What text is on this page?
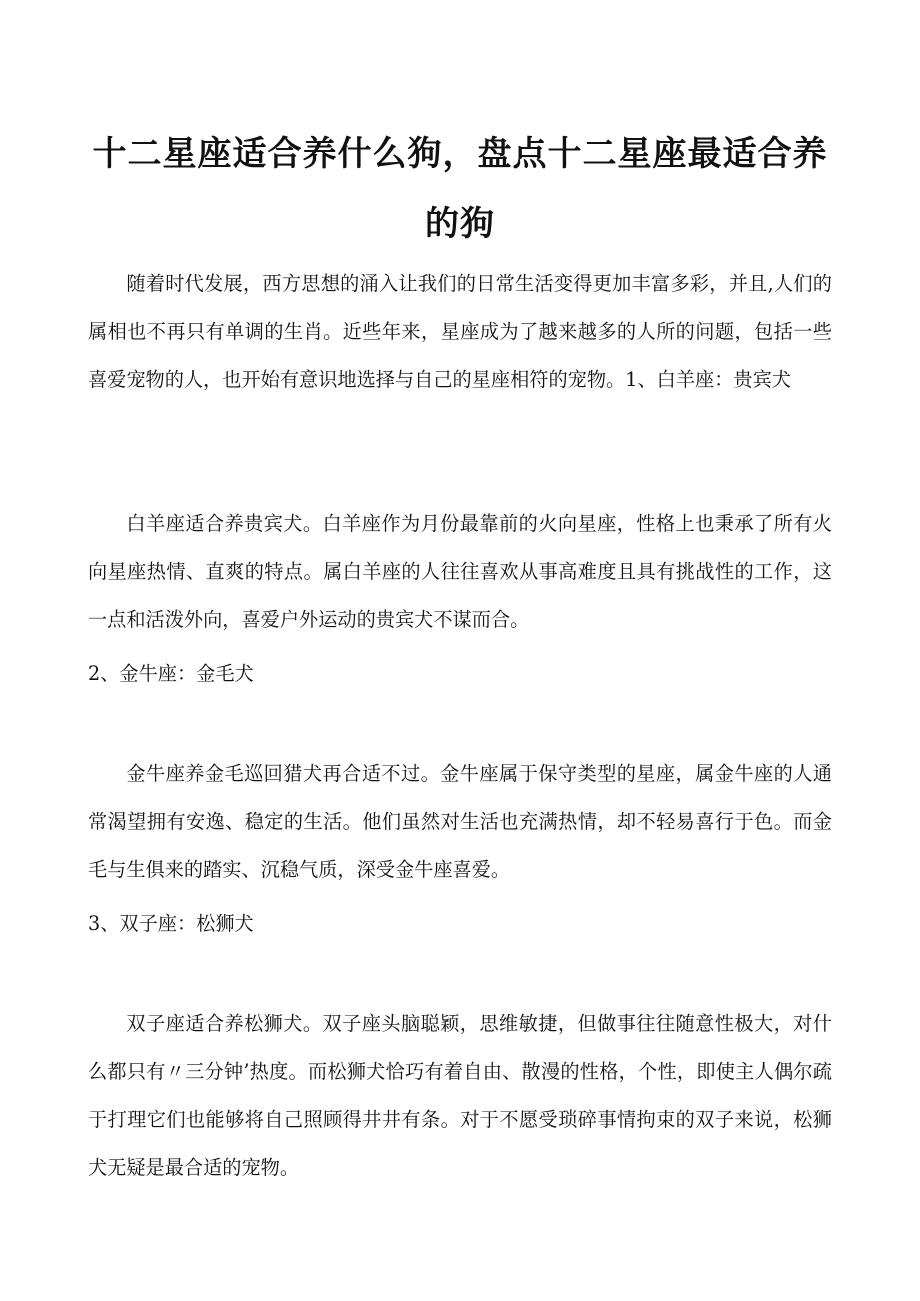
十二星座适合养什么狗，盘点十二星座最适合养
的狗

随着时代发展，西方思想的涌入让我们的日常生活变得更加丰富多彩，并且,人们的属相也不再只有单调的生肖。近些年来，星座成为了越来越多的人所的问题，包括一些喜爱宠物的人，也开始有意识地选择与自己的星座相符的宠物。1、白羊座：贵宾犬

白羊座适合养贵宾犬。白羊座作为月份最靠前的火向星座，性格上也秉承了所有火向星座热情、直爽的特点。属白羊座的人往往喜欢从事高难度且具有挑战性的工作，这一点和活泼外向，喜爱户外运动的贵宾犬不谋而合。

2、金牛座：金毛犬

金牛座养金毛巡回猎犬再合适不过。金牛座属于保守类型的星座，属金牛座的人通常渴望拥有安逸、稳定的生活。他们虽然对生活也充满热情，却不轻易喜行于色。而金毛与生俱来的踏实、沉稳气质，深受金牛座喜爱。

3、双子座：松狮犬

双子座适合养松狮犬。双子座头脑聪颖，思维敏捷，但做事往往随意性极大，对什么都只有〃三分钟’热度。而松狮犬恰巧有着自由、散漫的性格，个性，即使主人偶尔疏于打理它们也能够将自己照顾得井井有条。对于不愿受琐碎事情拘束的双子来说，松狮犬无疑是最合适的宠物。
